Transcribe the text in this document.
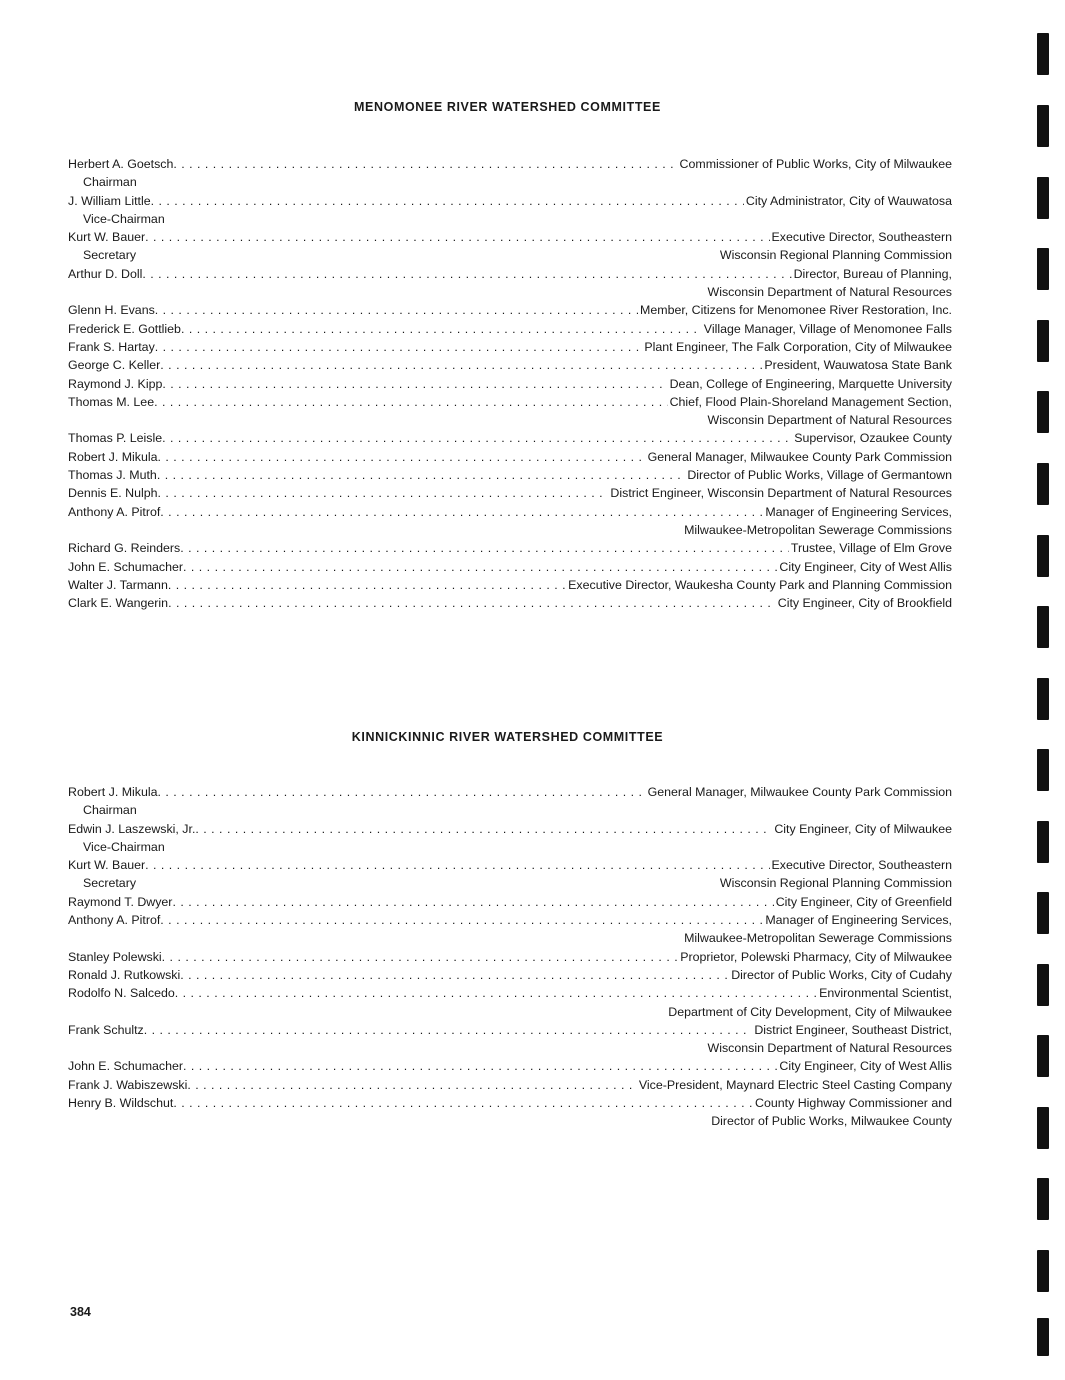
MENOMONEE RIVER WATERSHED COMMITTEE
Herbert A. Goetsch . . .	Commissioner of Public Works, City of Milwaukee
Chairman
J. William Little . . .	City Administrator, City of Wauwatosa
Vice-Chairman
Kurt W. Bauer . . .	Executive Director, Southeastern
Secretary	Wisconsin Regional Planning Commission
Arthur D. Doll . . .	Director, Bureau of Planning,
Wisconsin Department of Natural Resources
Glenn H. Evans . . .	Member, Citizens for Menomonee River Restoration, Inc.
Frederick E. Gottlieb . . .	Village Manager, Village of Menomonee Falls
Frank S. Hartay . . .	Plant Engineer, The Falk Corporation, City of Milwaukee
George C. Keller . . .	President, Wauwatosa State Bank
Raymond J. Kipp . . .	Dean, College of Engineering, Marquette University
Thomas M. Lee . . .	Chief, Flood Plain-Shoreland Management Section,
Wisconsin Department of Natural Resources
Thomas P. Leisle . . .	Supervisor, Ozaukee County
Robert J. Mikula . . .	General Manager, Milwaukee County Park Commission
Thomas J. Muth . . .	Director of Public Works, Village of Germantown
Dennis E. Nulph . . .	District Engineer, Wisconsin Department of Natural Resources
Anthony A. Pitrof . . .	Manager of Engineering Services,
Milwaukee-Metropolitan Sewerage Commissions
Richard G. Reinders . . .	Trustee, Village of Elm Grove
John E. Schumacher . . .	City Engineer, City of West Allis
Walter J. Tarmann . . .	Executive Director, Waukesha County Park and Planning Commission
Clark E. Wangerin . . .	City Engineer, City of Brookfield
KINNICKINNIC RIVER WATERSHED COMMITTEE
Robert J. Mikula . . .	General Manager, Milwaukee County Park Commission
Chairman
Edwin J. Laszewski, Jr. . . .	City Engineer, City of Milwaukee
Vice-Chairman
Kurt W. Bauer . . .	Executive Director, Southeastern
Secretary	Wisconsin Regional Planning Commission
Raymond T. Dwyer . . .	City Engineer, City of Greenfield
Anthony A. Pitrof . . .	Manager of Engineering Services,
Milwaukee-Metropolitan Sewerage Commissions
Stanley Polewski . . .	Proprietor, Polewski Pharmacy, City of Milwaukee
Ronald J. Rutkowski . . .	Director of Public Works, City of Cudahy
Rodolfo N. Salcedo . . .	Environmental Scientist,
Department of City Development, City of Milwaukee
Frank Schultz . . .	District Engineer, Southeast District,
Wisconsin Department of Natural Resources
John E. Schumacher . . .	City Engineer, City of West Allis
Frank J. Wabiszewski . . .	Vice-President, Maynard Electric Steel Casting Company
Henry B. Wildschut . . .	County Highway Commissioner and
Director of Public Works, Milwaukee County
384
